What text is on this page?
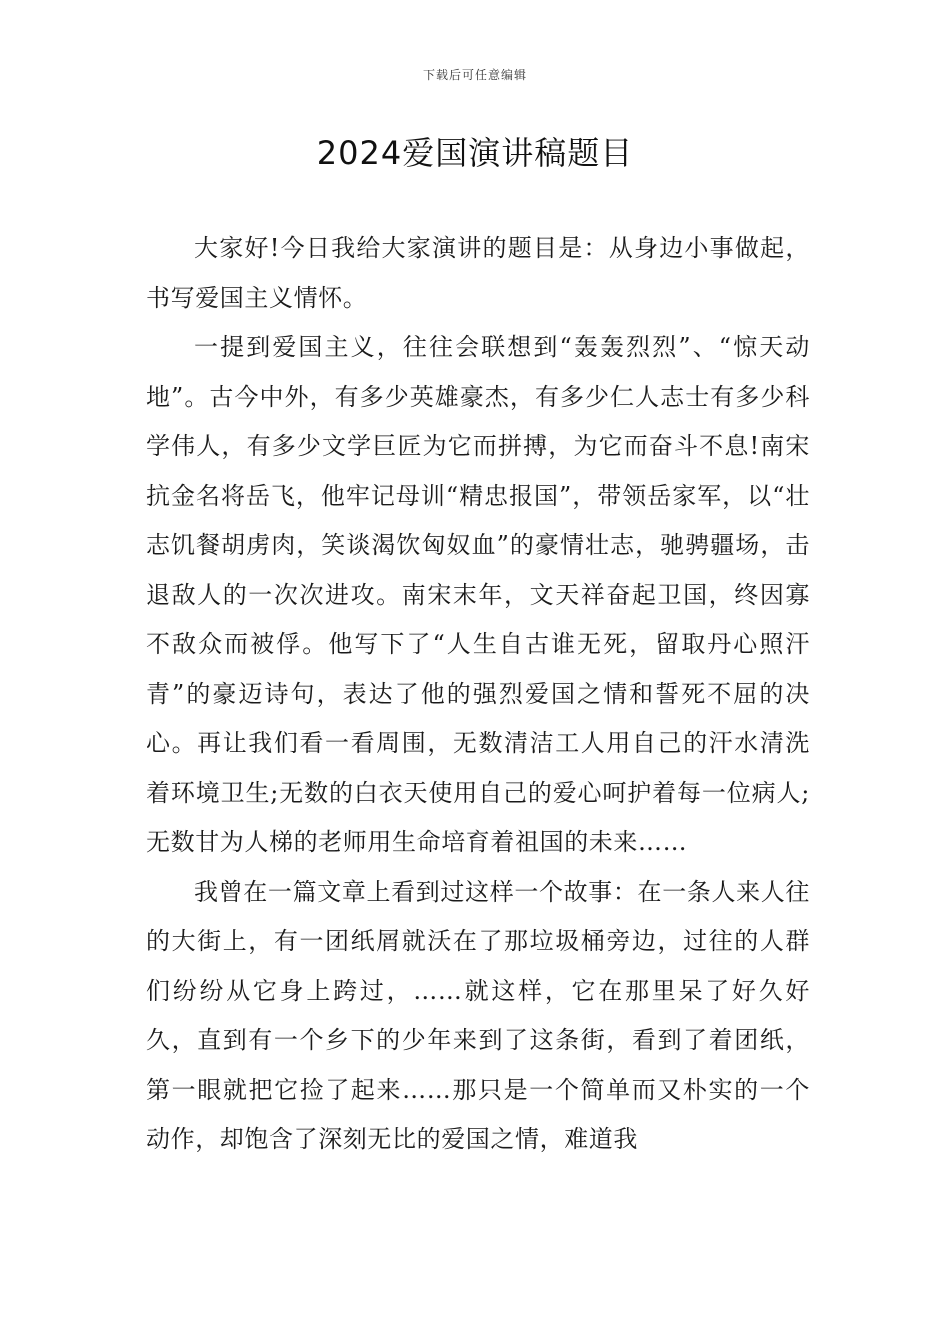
下载后可任意编辑
2024爱国演讲稿题目

大家好!今日我给大家演讲的题目是：从身边小事做起，书写爱国主义情怀。

一提到爱国主义，往往会联想到“轰轰烈烈”、“惊天动地”。古今中外，有多少英雄豪杰，有多少仁人志士有多少科学伟人，有多少文学巨匠为它而拼搏，为它而奋斗不息!南宋抗金名将岳飞，他牢记母训“精忠报国”，带领岳家军，以“壮志饥餐胡虏肉，笑谈渴饮匈奴血”的豪情壮志，驰骋疆场，击退敌人的一次次进攻。南宋末年，文天祥奋起卫国，终因寡不敌众而被俘。他写下了“人生自古谁无死，留取丹心照汗青”的豪迈诗句，表达了他的强烈爱国之情和誓死不屈的决心。再让我们看一看周围，无数清洁工人用自己的汗水清洗着环境卫生;无数的白衣天使用自己的爱心呵护着每一位病人;无数甘为人梯的老师用生命培育着祖国的未来……

我曾在一篇文章上看到过这样一个故事：在一条人来人往的大街上，有一团纸屑就沃在了那垃圾桶旁边，过往的人群们纷纷从它身上跨过，……就这样，它在那里呆了好久好久，直到有一个乡下的少年来到了这条街，看到了着团纸，第一眼就把它捡了起来……那只是一个简单而又朴实的一个动作，却饱含了深刻无比的爱国之情，难道我
